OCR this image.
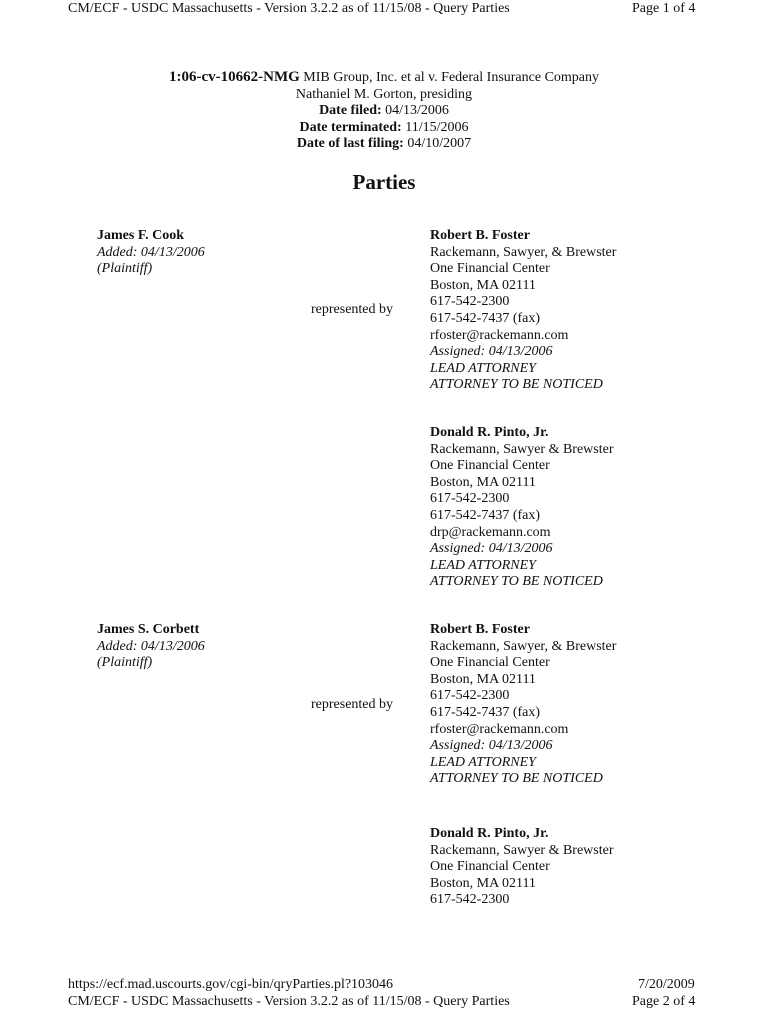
CM/ECF - USDC Massachusetts - Version 3.2.2 as of 11/15/08 - Query Parties	Page 1 of 4
1:06-cv-10662-NMG MIB Group, Inc. et al v. Federal Insurance Company
Nathaniel M. Gorton, presiding
Date filed: 04/13/2006
Date terminated: 11/15/2006
Date of last filing: 04/10/2007
Parties
James F. Cook
Added: 04/13/2006
(Plaintiff)
represented by
Robert B. Foster
Rackemann, Sawyer, & Brewster
One Financial Center
Boston, MA 02111
617-542-2300
617-542-7437 (fax)
rfoster@rackemann.com
Assigned: 04/13/2006
LEAD ATTORNEY
ATTORNEY TO BE NOTICED
Donald R. Pinto, Jr.
Rackemann, Sawyer & Brewster
One Financial Center
Boston, MA 02111
617-542-2300
617-542-7437 (fax)
drp@rackemann.com
Assigned: 04/13/2006
LEAD ATTORNEY
ATTORNEY TO BE NOTICED
James S. Corbett
Added: 04/13/2006
(Plaintiff)
represented by
Robert B. Foster
Rackemann, Sawyer, & Brewster
One Financial Center
Boston, MA 02111
617-542-2300
617-542-7437 (fax)
rfoster@rackemann.com
Assigned: 04/13/2006
LEAD ATTORNEY
ATTORNEY TO BE NOTICED
Donald R. Pinto, Jr.
Rackemann, Sawyer & Brewster
One Financial Center
Boston, MA 02111
617-542-2300
https://ecf.mad.uscourts.gov/cgi-bin/qryParties.pl?103046	7/20/2009
CM/ECF - USDC Massachusetts - Version 3.2.2 as of 11/15/08 - Query Parties	Page 2 of 4
